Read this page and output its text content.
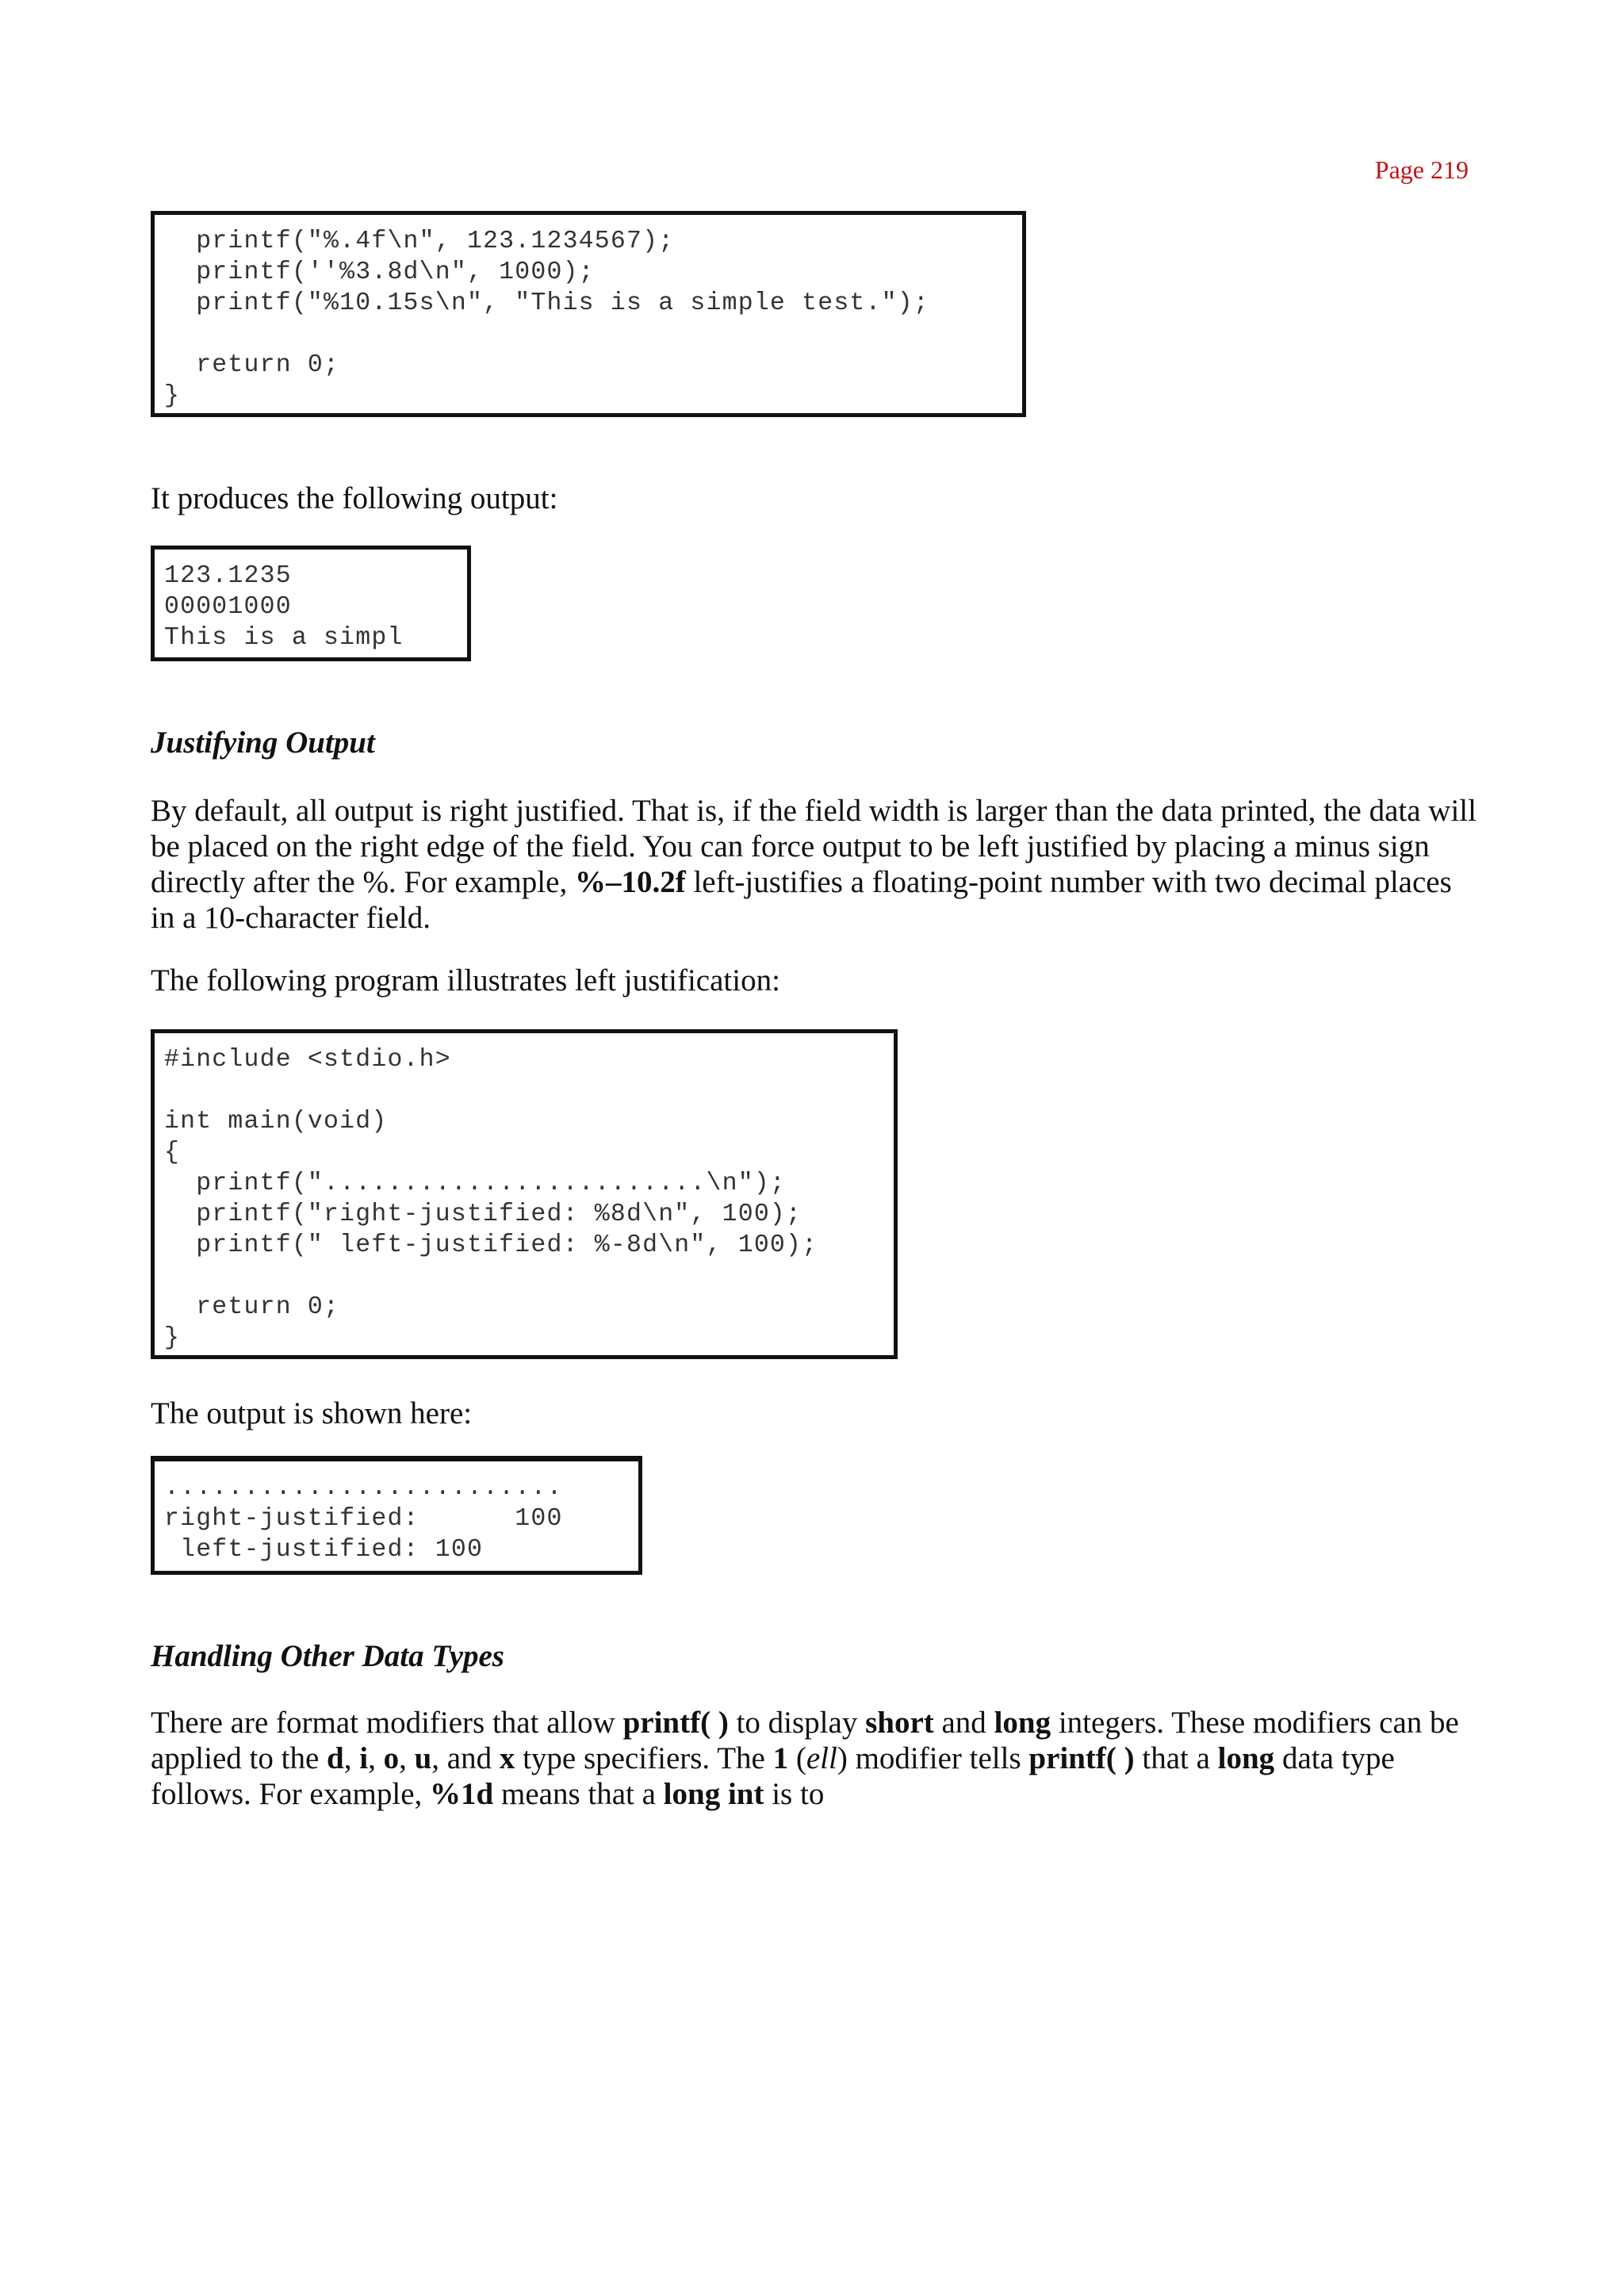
Page 219
printf("%.4f\n", 123.1234567);
printf(''%3.8d\n", 1000);
printf("%10.15s\n", "This is a simple test.");

return 0;
}

It produces the following output:

123.1235
00001000
This is a simpl
Justifying Output

By default, all output is right justified. That is, if the field width is larger than the data printed, the data will be placed on the right edge of the field. You can force output to be left justified by placing a minus sign directly after the %. For example, %–10.2f left-justifies a floating-point number with two decimal places in a 10-character field.

The following program illustrates left justification:

#include <stdio.h>

int main(void)
{
printf("........................\n");
printf("right-justified: %8d\n", 100);
printf(" left-justified: %-8d\n", 100);

return 0;
}

The output is shown here:

.........................
right-justified:      100
left-justified: 100
Handling Other Data Types

There are format modifiers that allow printf( ) to display short and long integers. These modifiers can be applied to the d, i, o, u, and x type specifiers. The 1 (ell) modifier tells printf( ) that a long data type follows. For example, %1d means that a long int is to
